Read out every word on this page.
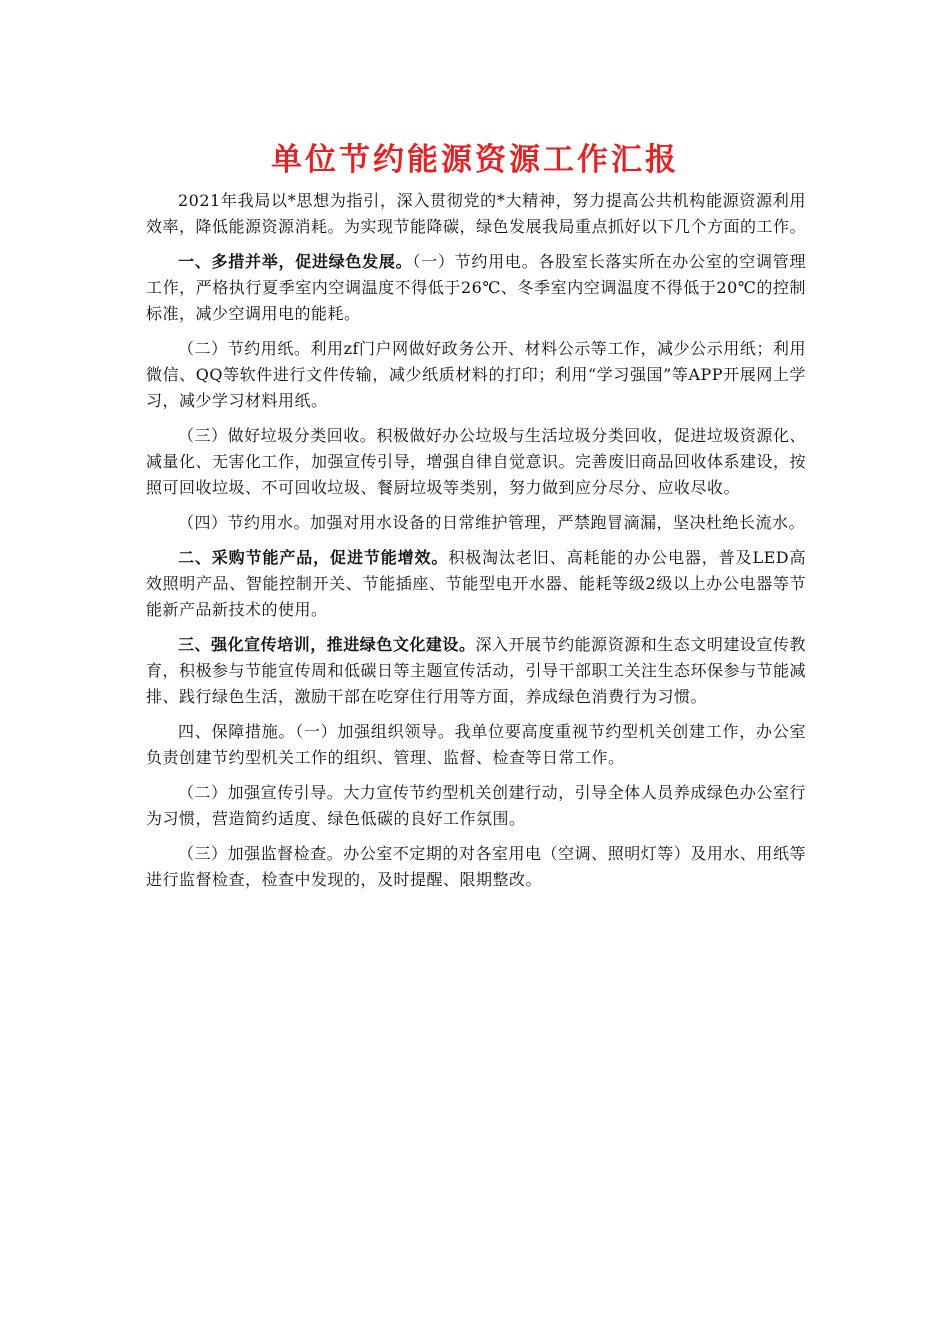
单位节约能源资源工作汇报

2021年我局以*思想为指引，深入贯彻党的*大精神，努力提高公共机构能源资源利用效率，降低能源资源消耗。为实现节能降碳，绿色发展我局重点抓好以下几个方面的工作。

一、多措并举，促进绿色发展。（一）节约用电。各股室长落实所在办公室的空调管理工作，严格执行夏季室内空调温度不得低于26℃、冬季室内空调温度不得低于20℃的控制标准，减少空调用电的能耗。

（二）节约用纸。利用zf门户网做好政务公开、材料公示等工作，减少公示用纸；利用微信、QQ等软件进行文件传输，减少纸质材料的打印；利用“学习强国”等APP开展网上学习，减少学习材料用纸。

（三）做好垃圾分类回收。积极做好办公垃圾与生活垃圾分类回收，促进垃圾资源化、减量化、无害化工作，加强宣传引导，增强自律自觉意识。完善废旧商品回收体系建设，按照可回收垃圾、不可回收垃圾、餐厨垃圾等类别，努力做到应分尽分、应收尽收。

（四）节约用水。加强对用水设备的日常维护管理，严禁跑冒滴漏，坚决杜绝长流水。

二、采购节能产品，促进节能增效。积极淘汰老旧、高耗能的办公电器，普及LED高效照明产品、智能控制开关、节能插座、节能型电开水器、能耗等级2级以上办公电器等节能新产品新技术的使用。

三、强化宣传培训，推进绿色文化建设。深入开展节约能源资源和生态文明建设宣传教育，积极参与节能宣传周和低碳日等主题宣传活动，引导干部职工关注生态环保参与节能减排、践行绿色生活，激励干部在吃穿住行用等方面，养成绿色消费行为习惯。

四、保障措施。（一）加强组织领导。我单位要高度重视节约型机关创建工作，办公室负责创建节约型机关工作的组织、管理、监督、检查等日常工作。

（二）加强宣传引导。大力宣传节约型机关创建行动，引导全体人员养成绿色办公室行为习惯，营造简约适度、绿色低碳的良好工作氛围。

（三）加强监督检查。办公室不定期的对各室用电（空调、照明灯等）及用水、用纸等进行监督检查，检查中发现的，及时提醒、限期整改。
